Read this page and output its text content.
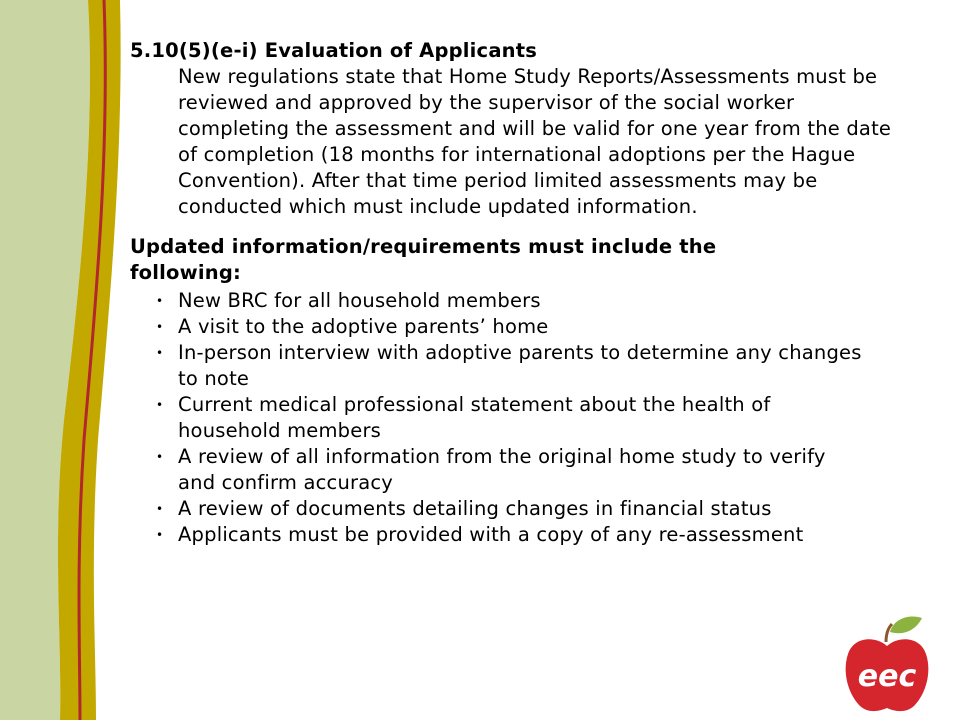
5.10(5)(e-i) Evaluation of Applicants

New regulations state that Home Study Reports/Assessments must be reviewed and approved by the supervisor of the social worker completing the assessment and will be valid for one year from the date of completion (18 months for international adoptions per the Hague Convention). After that time period limited assessments may be conducted which must include updated information.

Updated information/requirements must include the following:

• New BRC for all household members
• A visit to the adoptive parents’ home
• In-person interview with adoptive parents to determine any changes to note
• Current medical professional statement about the health of household members
• A review of all information from the original home study to verify and confirm accuracy
• A review of documents detailing changes in financial status
• Applicants must be provided with a copy of any re-assessment
eec
